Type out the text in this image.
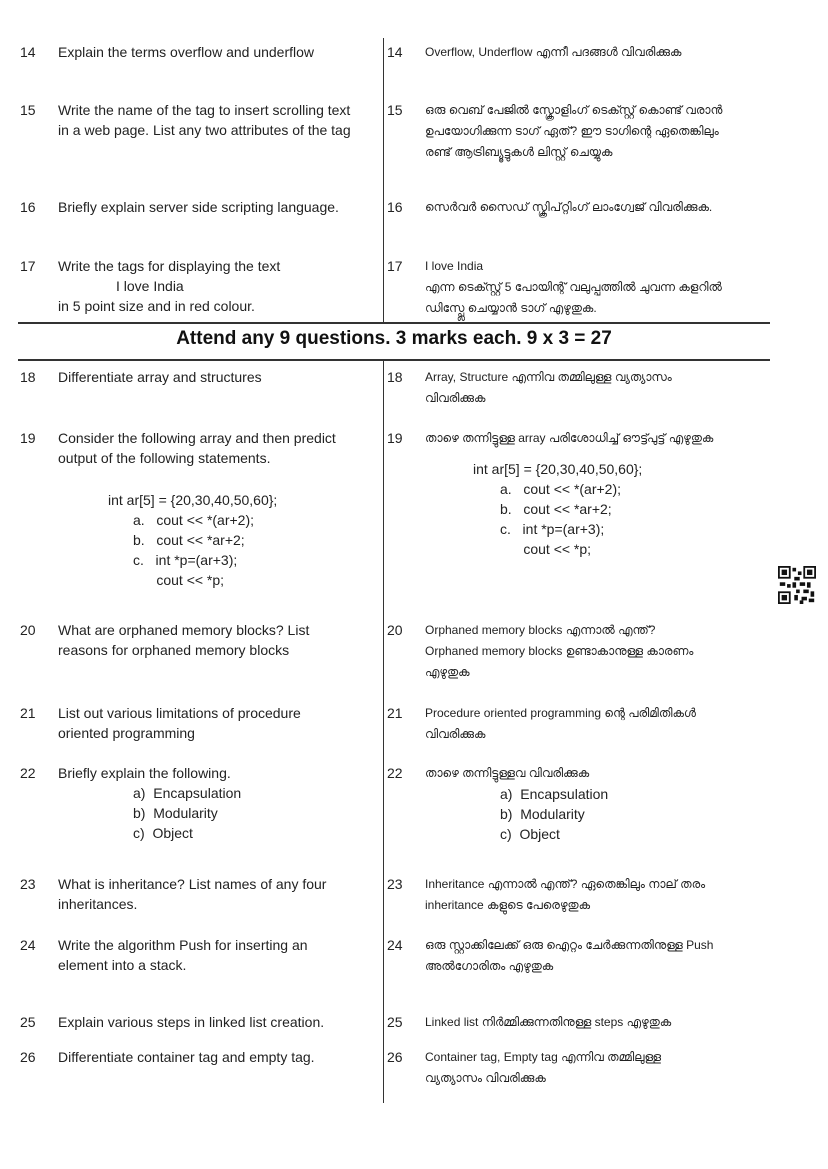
Attend any 9 questions. 3 marks each. 9 x 3 = 27
14 Explain the terms overflow and underflow	14 Overflow, Underflow എന്നീ പദങ്ങൾ വിവരിക്കുക
15 Write the name of the tag to insert scrolling text
in a web page. List any two attributes of the tag
15 ഒരു വെബ് പേജിൽ സ്ക്രോളിംഗ് ടെക്സ്റ്റ് കൊണ്ട് വരാൻ
ഉപയോഗിക്കുന്ന ടാഗ് ഏത്? ഈ ടാഗിന്റെ ഏതെങ്കിലും
രണ്ട് ആട്രിബ്യൂട്ടുകൾ ലിസ്റ്റ് ചെയ്യുക
16 Briefly explain server side scripting language.	16 സെർവർ സൈഡ് സ്ക്രിപ്റ്റിംഗ് ലാംഗ്വേജ് വിവരിക്കുക.
17 Write the tags for displaying the text
I love India
in 5 point size and in red colour.
17 I love India
എന്ന ടെക്സ്റ്റ് 5 പോയിന്റ് വലുപ്പത്തിൽ ചുവന്ന കളറിൽ
ഡിസ്പ്ലേ ചെയ്യാൻ ടാഗ് എഴുതുക.
18 Differentiate array and structures	18 Array, Structure എന്നിവ തമ്മിലുള്ള വ്യത്യാസം
വിവരിക്കുക
19 Consider the following array and then predict
output of the following statements.
int ar[5] = {20,30,40,50,60};
a.   cout << *(ar+2);
b.   cout << *ar+2;
c.   int *p=(ar+3);
cout << *p;
19 താഴെ തന്നിട്ടുള്ള array പരിശോധിച്ച് ഔട്ട്പുട്ട് എഴുതുക
int ar[5] = {20,30,40,50,60};
a.   cout << *(ar+2);
b.   cout << *ar+2;
c.   int *p=(ar+3);
cout << *p;
20 What are orphaned memory blocks? List
reasons for orphaned memory blocks
20 Orphaned memory blocks എന്നാൽ എന്ത്?
Orphaned memory blocks ഉണ്ടാകാനുള്ള കാരണം
എഴുതുക
21 List out various limitations of procedure
oriented programming
21 Procedure oriented programming ന്റെ പരിമിതികൾ
വിവരിക്കുക
22 Briefly explain the following.
a)  Encapsulation
b)  Modularity
c)  Object
22 താഴെ തന്നിട്ടുള്ളവ വിവരിക്കുക
a)  Encapsulation
b)  Modularity
c)  Object
23 What is inheritance? List names of any four
inheritances.
23 Inheritance എന്നാൽ എന്ത്? ഏതെങ്കിലും നാല് തരം
inheritance കളുടെ പേരെഴുതുക
24 Write the algorithm Push for inserting an
element into a stack.
24 ഒരു സ്റ്റാക്കിലേക്ക് ഒരു ഐറ്റം ചേർക്കുന്നതിനുള്ള Push
അൽഗോരിതം എഴുതുക
25 Explain various steps in linked list creation.	25 Linked list നിർമ്മിക്കുന്നതിനുള്ള steps എഴുതുക
26 Differentiate container tag and empty tag.	26 Container tag, Empty tag എന്നിവ തമ്മിലുള്ള
വ്യത്യാസം വിവരിക്കുക
